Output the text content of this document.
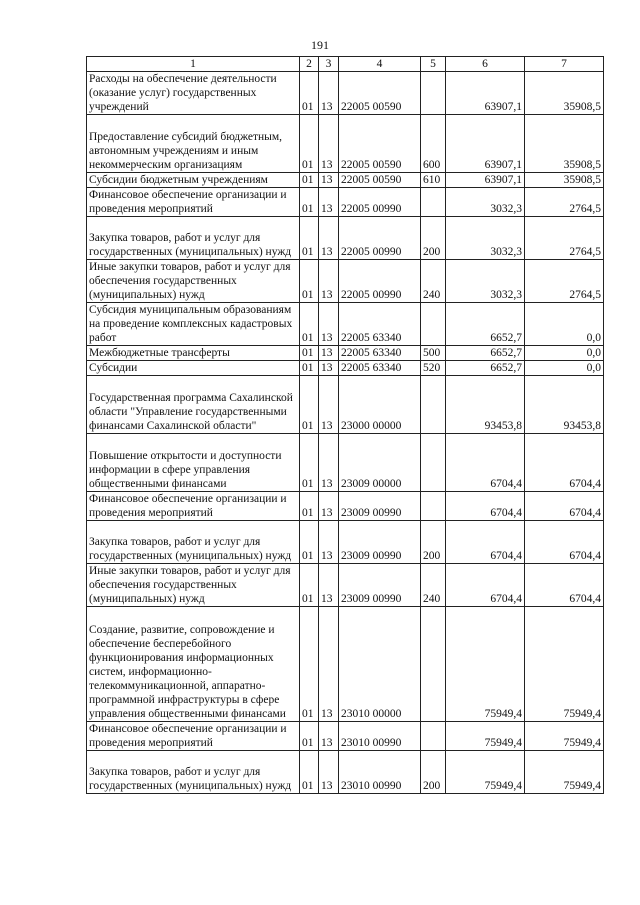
191
1	2	3	4	5	6	7
Расходы на обеспечение деятельности (оказание услуг) государственных учреждений	01	13	22005 00590		63907,1	35908,5
Предоставление субсидий бюджетным, автономным учреждениям и иным некоммерческим организациям	01	13	22005 00590	600	63907,1	35908,5
Субсидии бюджетным учреждениям	01	13	22005 00590	610	63907,1	35908,5
Финансовое обеспечение организации и проведения мероприятий	01	13	22005 00990		3032,3	2764,5
Закупка товаров, работ и услуг для государственных (муниципальных) нужд	01	13	22005 00990	200	3032,3	2764,5
Иные закупки товаров, работ и услуг для обеспечения государственных (муниципальных) нужд	01	13	22005 00990	240	3032,3	2764,5
Субсидия муниципальным образованиям на проведение комплексных кадастровых работ	01	13	22005 63340		6652,7	0,0
Межбюджетные трансферты	01	13	22005 63340	500	6652,7	0,0
Субсидии	01	13	22005 63340	520	6652,7	0,0
Государственная программа Сахалинской области "Управление государственными финансами Сахалинской области"	01	13	23000 00000		93453,8	93453,8
Повышение открытости и доступности информации в сфере управления общественными финансами	01	13	23009 00000		6704,4	6704,4
Финансовое обеспечение организации и проведения мероприятий	01	13	23009 00990		6704,4	6704,4
Закупка товаров, работ и услуг для государственных (муниципальных) нужд	01	13	23009 00990	200	6704,4	6704,4
Иные закупки товаров, работ и услуг для обеспечения государственных (муниципальных) нужд	01	13	23009 00990	240	6704,4	6704,4
Создание, развитие, сопровождение и обеспечение бесперебойного функционирования информационных систем, информационно-телекоммуникационной, аппаратно-программной инфраструктуры в сфере управления общественными финансами	01	13	23010 00000		75949,4	75949,4
Финансовое обеспечение организации и проведения мероприятий	01	13	23010 00990		75949,4	75949,4
Закупка товаров, работ и услуг для государственных (муниципальных) нужд	01	13	23010 00990	200	75949,4	75949,4
